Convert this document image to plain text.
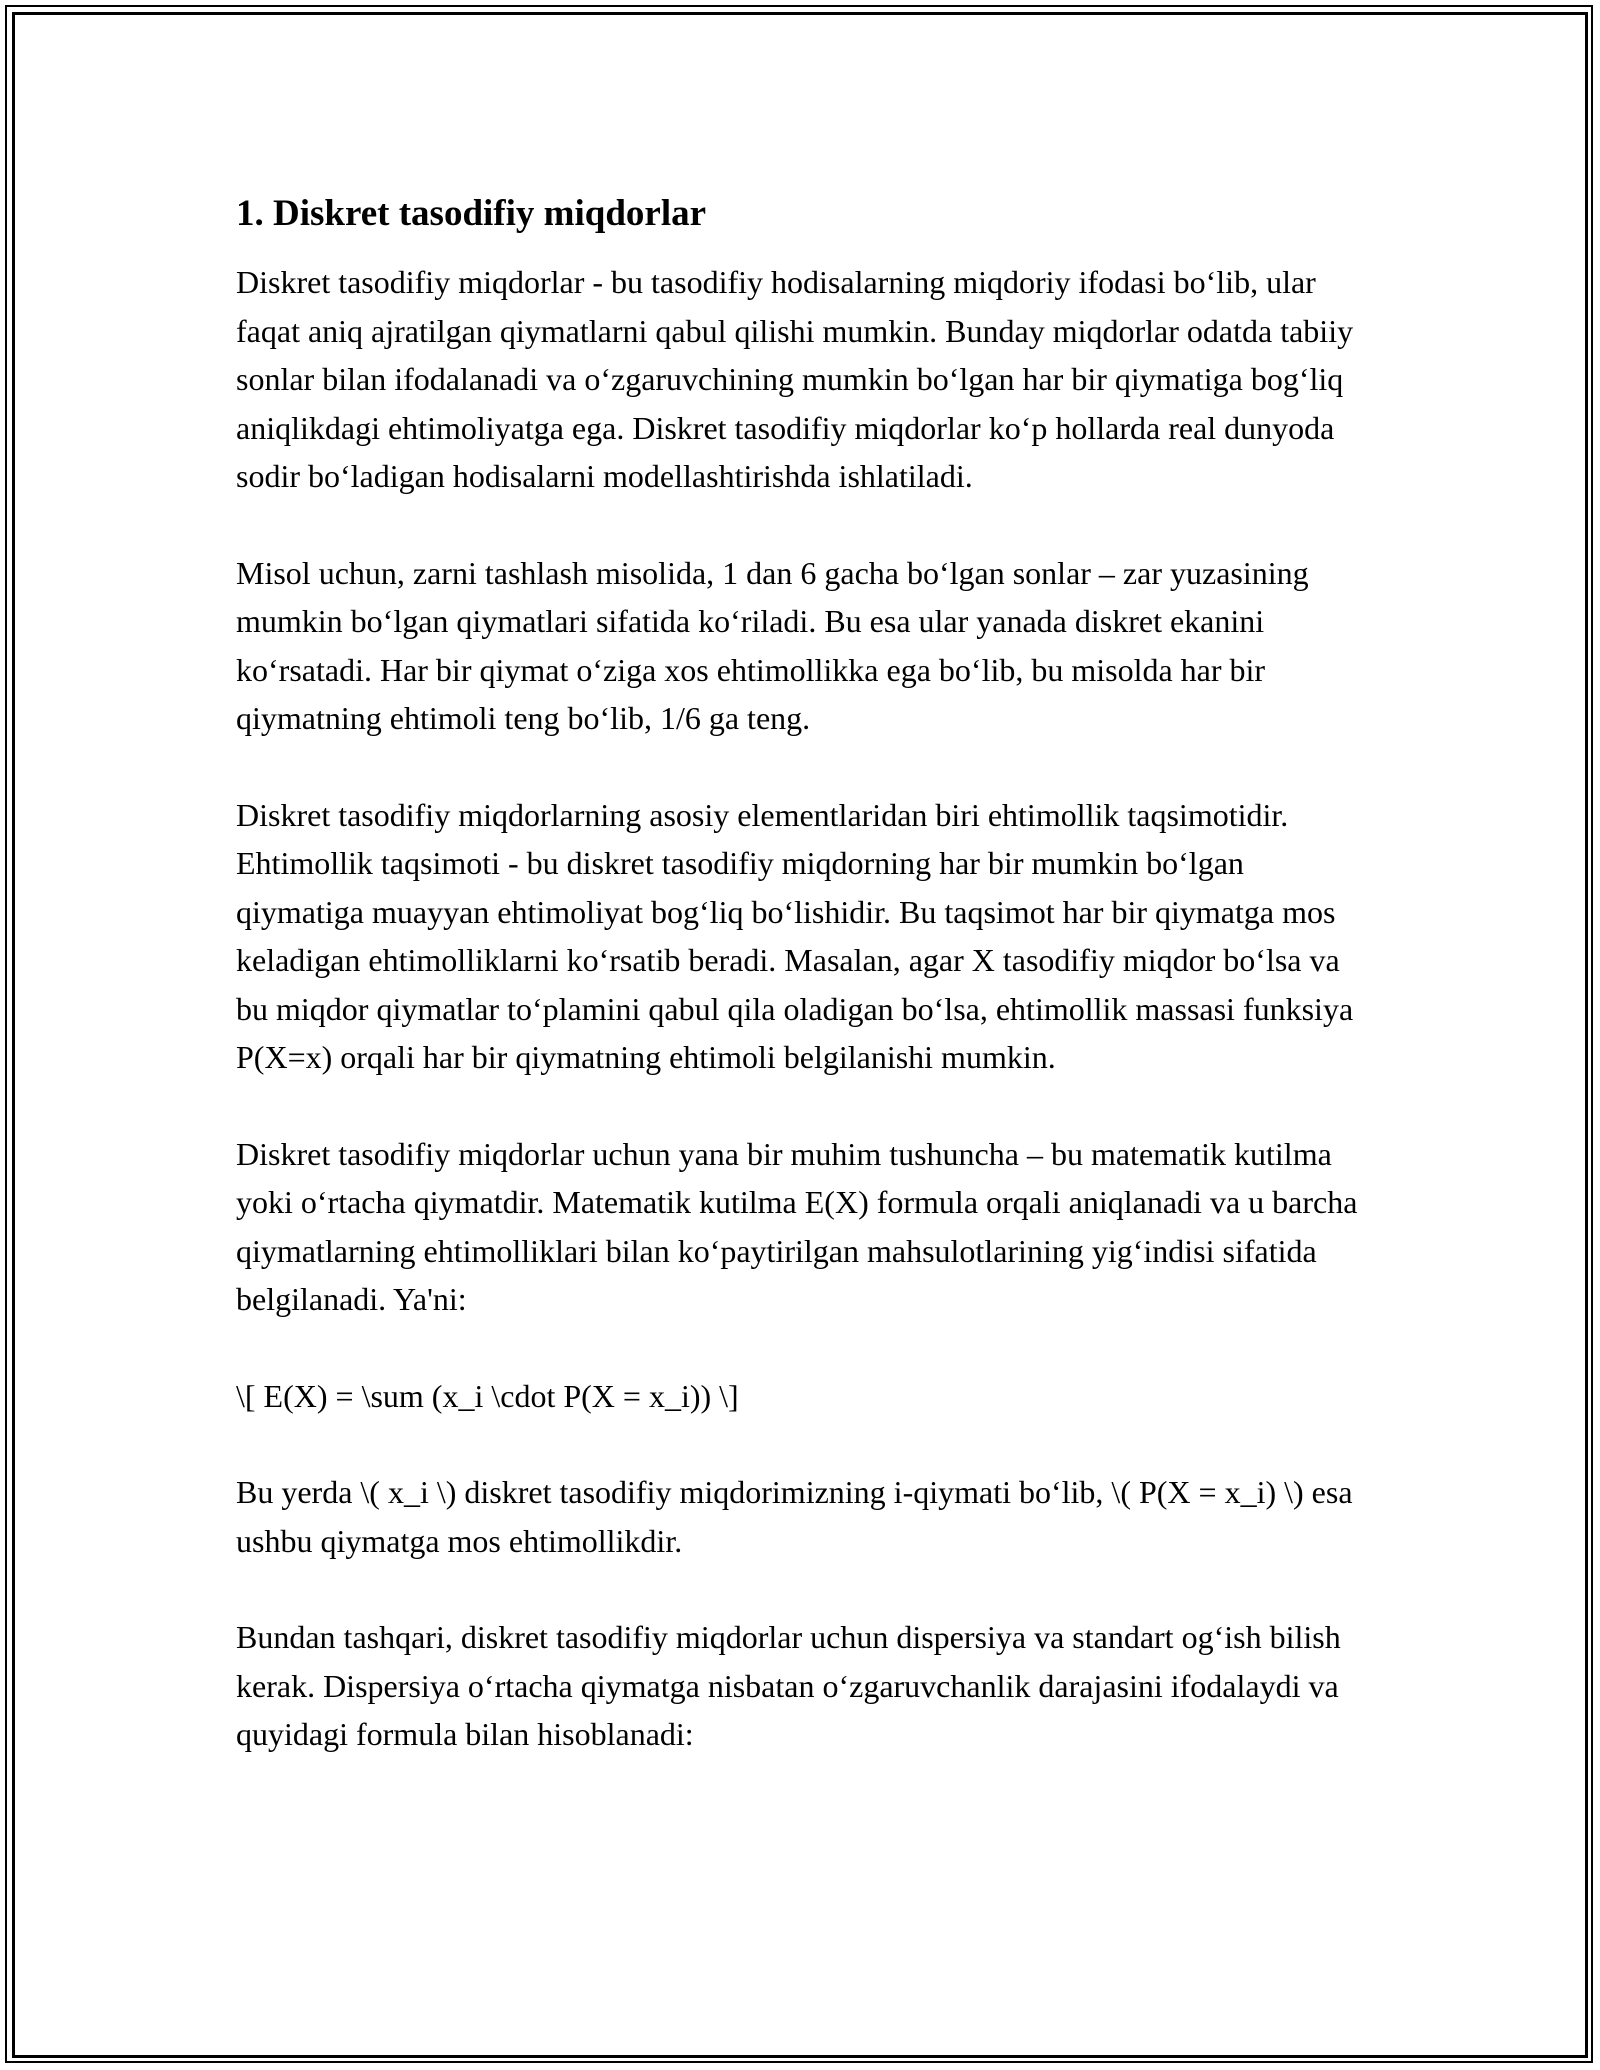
1. Diskret tasodifiy miqdorlar

Diskret tasodifiy miqdorlar - bu tasodifiy hodisalarning miqdoriy ifodasi bo‘lib, ular faqat aniq ajratilgan qiymatlarni qabul qilishi mumkin. Bunday miqdorlar odatda tabiiy sonlar bilan ifodalanadi va o‘zgaruvchining mumkin bo‘lgan har bir qiymatiga bog‘liq aniqlikdagi ehtimoliyatga ega. Diskret tasodifiy miqdorlar ko‘p hollarda real dunyoda sodir bo‘ladigan hodisalarni modellashtirishda ishlatiladi.

Misol uchun, zarni tashlash misolida, 1 dan 6 gacha bo‘lgan sonlar – zar yuzasining mumkin bo‘lgan qiymatlari sifatida ko‘riladi. Bu esa ular yanada diskret ekanini ko‘rsatadi. Har bir qiymat o‘ziga xos ehtimollikka ega bo‘lib, bu misolda har bir qiymatning ehtimoli teng bo‘lib, 1/6 ga teng.

Diskret tasodifiy miqdorlarning asosiy elementlaridan biri ehtimollik taqsimotidir. Ehtimollik taqsimoti - bu diskret tasodifiy miqdorning har bir mumkin bo‘lgan qiymatiga muayyan ehtimoliyat bog‘liq bo‘lishidir. Bu taqsimot har bir qiymatga mos keladigan ehtimolliklarni ko‘rsatib beradi. Masalan, agar X tasodifiy miqdor bo‘lsa va bu miqdor qiymatlar to‘plamini qabul qila oladigan bo‘lsa, ehtimollik massasi funksiya P(X=x) orqali har bir qiymatning ehtimoli belgilanishi mumkin.

Diskret tasodifiy miqdorlar uchun yana bir muhim tushuncha – bu matematik kutilma yoki o‘rtacha qiymatdir. Matematik kutilma E(X) formula orqali aniqlanadi va u barcha qiymatlarning ehtimolliklari bilan ko‘paytirilgan mahsulotlarining yig‘indisi sifatida belgilanadi. Ya'ni:

\[ E(X) = \sum (x_i \cdot P(X = x_i)) \]

Bu yerda \( x_i \) diskret tasodifiy miqdorimizning i-qiymati bo‘lib, \( P(X = x_i) \) esa ushbu qiymatga mos ehtimollikdir.

Bundan tashqari, diskret tasodifiy miqdorlar uchun dispersiya va standart og‘ish bilish kerak. Dispersiya o‘rtacha qiymatga nisbatan o‘zgaruvchanlik darajasini ifodalaydi va quyidagi formula bilan hisoblanadi:
